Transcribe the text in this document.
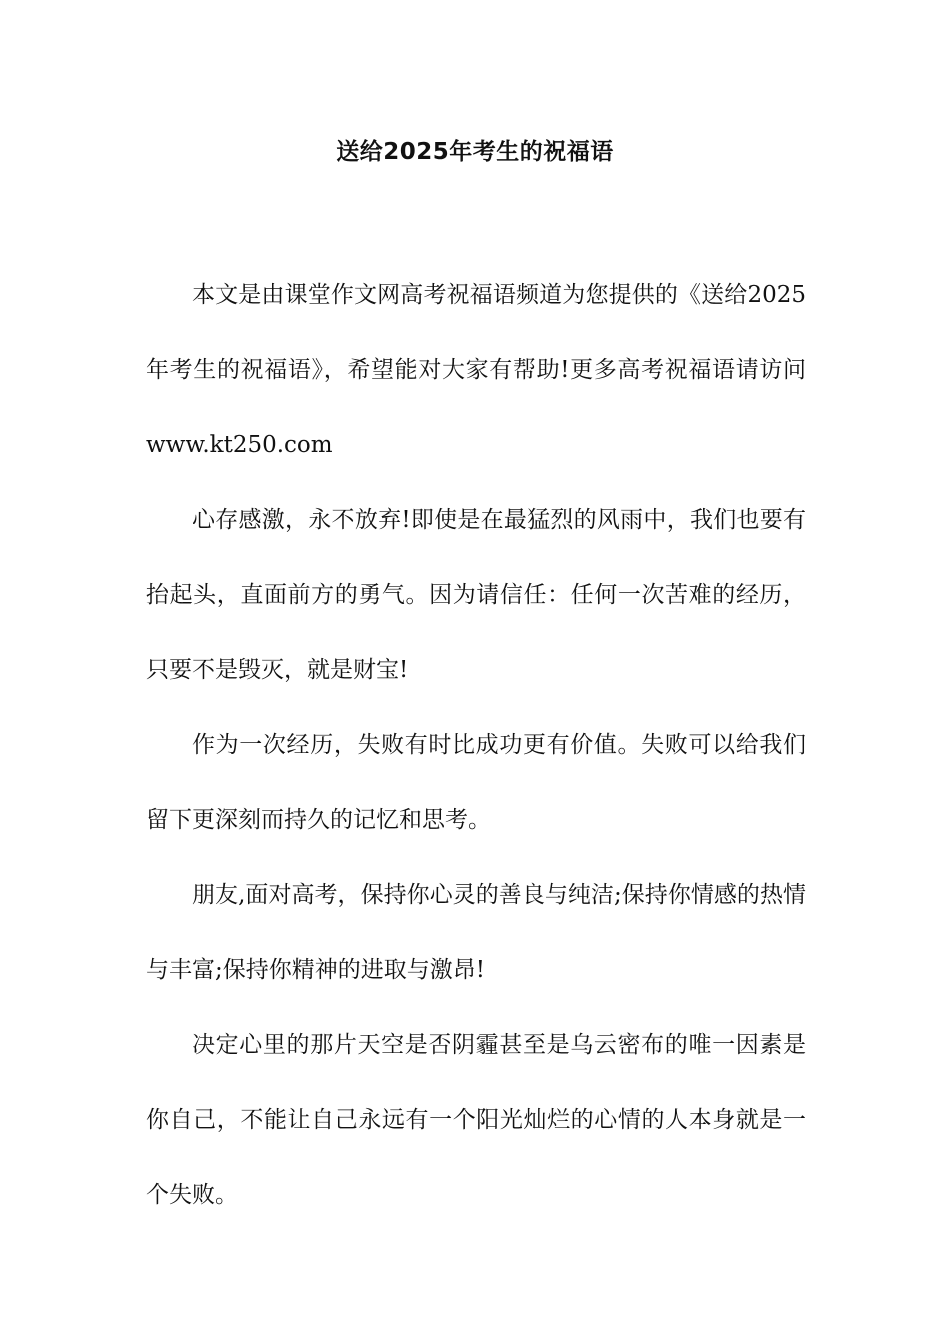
送给2025年考生的祝福语

本文是由课堂作文网高考祝福语频道为您提供的《送给2025年考生的祝福语》，希望能对大家有帮助!更多高考祝福语请访问www.kt250.com

心存感激，永不放弃!即使是在最猛烈的风雨中，我们也要有抬起头，直面前方的勇气。因为请信任：任何一次苦难的经历，只要不是毁灭，就是财宝!

作为一次经历，失败有时比成功更有价值。失败可以给我们留下更深刻而持久的记忆和思考。

朋友,面对高考，保持你心灵的善良与纯洁;保持你情感的热情与丰富;保持你精神的进取与激昂!

决定心里的那片天空是否阴霾甚至是乌云密布的唯一因素是你自己，不能让自己永远有一个阳光灿烂的心情的人本身就是一个失败。
